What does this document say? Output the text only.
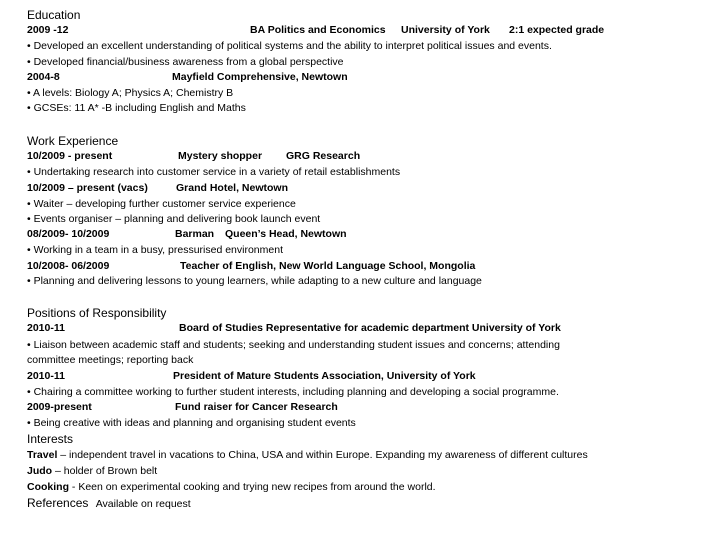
Education
2009 -12	BA Politics and Economics University of York 2:1 expected grade
• Developed an excellent understanding of political systems and the ability to interpret political issues and events.
• Developed financial/business awareness from a global perspective
2004-8	Mayfield Comprehensive, Newtown
• A levels: Biology A; Physics A; Chemistry B
• GCSEs: 11 A* -B including English and Maths
Work Experience
10/2009 - present	Mystery shopper GRG Research
• Undertaking research into customer service in a variety of retail establishments
10/2009 – present (vacs)	Grand Hotel, Newtown
• Waiter – developing further customer service experience
• Events organiser – planning and delivering book launch event
08/2009- 10/2009	Barman Queen’s Head, Newtown
• Working in a team in a busy, pressurised environment
10/2008- 06/2009	Teacher of English, New World Language School, Mongolia
• Planning and delivering lessons to young learners, while adapting to a new culture and language
Positions of Responsibility
2010-11	Board of Studies Representative for academic department University of York
• Liaison between academic staff and students; seeking and understanding student issues and concerns; attending
committee meetings; reporting back
2010-11	President of Mature Students Association, University of York
• Chairing a committee working to further student interests, including planning and developing a social programme.
2009-present	Fund raiser for Cancer Research
• Being creative with ideas and planning and organising student events
Interests
Travel – independent travel in vacations to China, USA and within Europe. Expanding my awareness of different cultures
Judo – holder of Brown belt
Cooking - Keen on experimental cooking and trying new recipes from around the world.
References Available on request
